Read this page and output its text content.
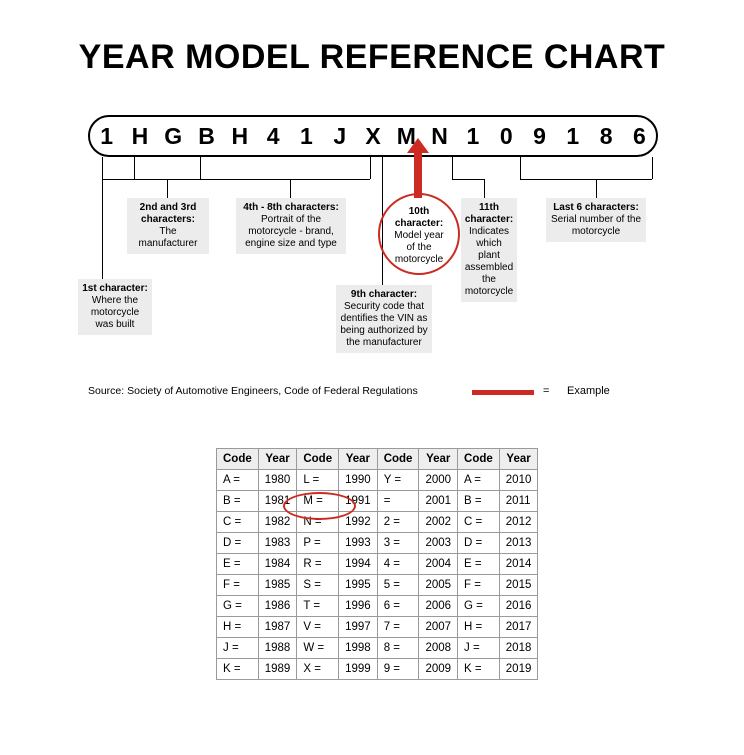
YEAR MODEL REFERENCE CHART
1 H G B H 4 1 J X M N 1 0 9 1 8 6
1st character:
Where the motorcycle was built
2nd and 3rd characters:
The manufacturer
4th - 8th characters:
Portrait of the motorcycle - brand, engine size and type
9th character:
Security code that dentifies the VIN as being authorized by the manufacturer
10th character:
Model year of the motorcycle
11th character:
Indicates which plant assembled the motorcycle
Last 6 characters:
Serial number of the motorcycle
Source: Society of Automotive Engineers, Code of Federal Regulations	= Example
Code	Year	Code	Year	Code	Year	Code	Year
A =	1980	L =	1990	Y =	2000	A =	2010
B =	1981	M =	1991	=	2001	B =	2011
C =	1982	N =	1992	2 =	2002	C =	2012
D =	1983	P =	1993	3 =	2003	D =	2013
E =	1984	R =	1994	4 =	2004	E =	2014
F =	1985	S =	1995	5 =	2005	F =	2015
G =	1986	T =	1996	6 =	2006	G =	2016
H =	1987	V =	1997	7 =	2007	H =	2017
J =	1988	W =	1998	8 =	2008	J =	2018
K =	1989	X =	1999	9 =	2009	K =	2019
